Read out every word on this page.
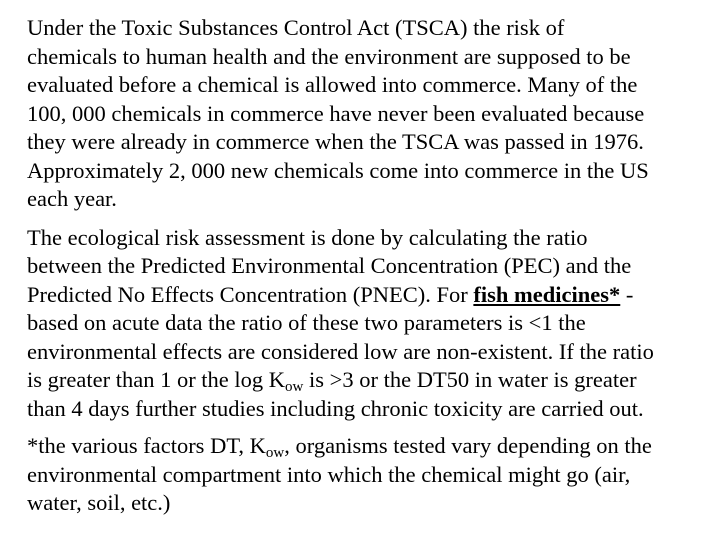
Under the Toxic Substances Control Act (TSCA) the risk of
chemicals to human health and the environment are supposed to be
evaluated before a chemical is allowed into commerce. Many of the
100, 000 chemicals in commerce have never been evaluated because
they were already in commerce when the TSCA was passed in 1976.
Approximately 2, 000 new chemicals come into commerce in the US
each year.

The ecological risk assessment is done by calculating the ratio
between the Predicted Environmental Concentration (PEC) and the
Predicted No Effects Concentration (PNEC). For fish medicines* -
based on acute data the ratio of these two parameters is <1 the
environmental effects are considered low are non-existent. If the ratio
is greater than 1 or the $\log K_{ow}$ is >3 or the DT50 in water is greater
than 4 days further studies including chronic toxicity are carried out.

*the various factors DT, $K_{ow}$, organisms tested vary depending on the
environmental compartment into which the chemical might go (air,
water, soil, etc.)
